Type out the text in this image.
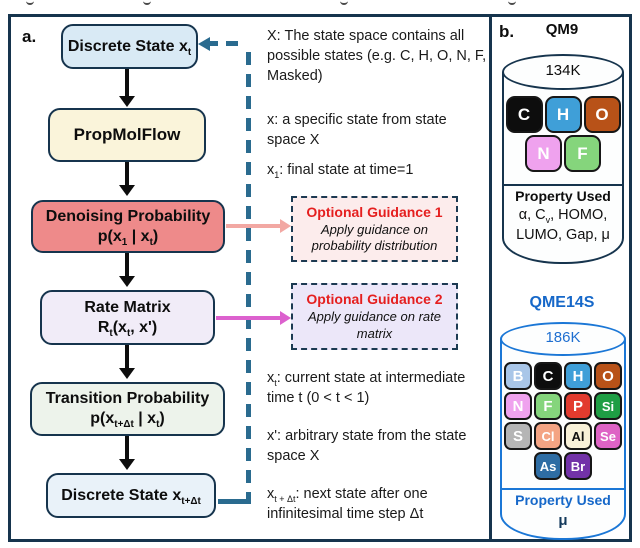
a. Discrete State $x_t$
PropMolFlow
Denoising Probability
$p(x_1$ | $x_t$)
Rate Matrix
$R_t(x_t$, x')
Transition Probability
$p(x_{t+\Delta t}$ | $x_t$)
Discrete State $x_{t+\Delta t}$
X: The state space contains all possible states (e.g. C, H, O, N, F, Masked)
x: a specific state from state space X
$x_1$: final state at time=1
$x_t$: current state at intermediate time t (0 < t < 1)
x': arbitrary state from the state space X
$x_{t + \Delta t}$: next state after one infinitesimal time step Δt
Optional Guidance 1
Apply guidance on probability distribution
Optional Guidance 2
Apply guidance on rate matrix
b.	QM9
134K
C	H	O
N	F
Property Used
α, $C_v$, HOMO,
LUMO, Gap, μ
QME14S
186K
B	C	H	O
N	F	P	Si
S	Cl	Al	Se
As	Br
Property Used
μ
